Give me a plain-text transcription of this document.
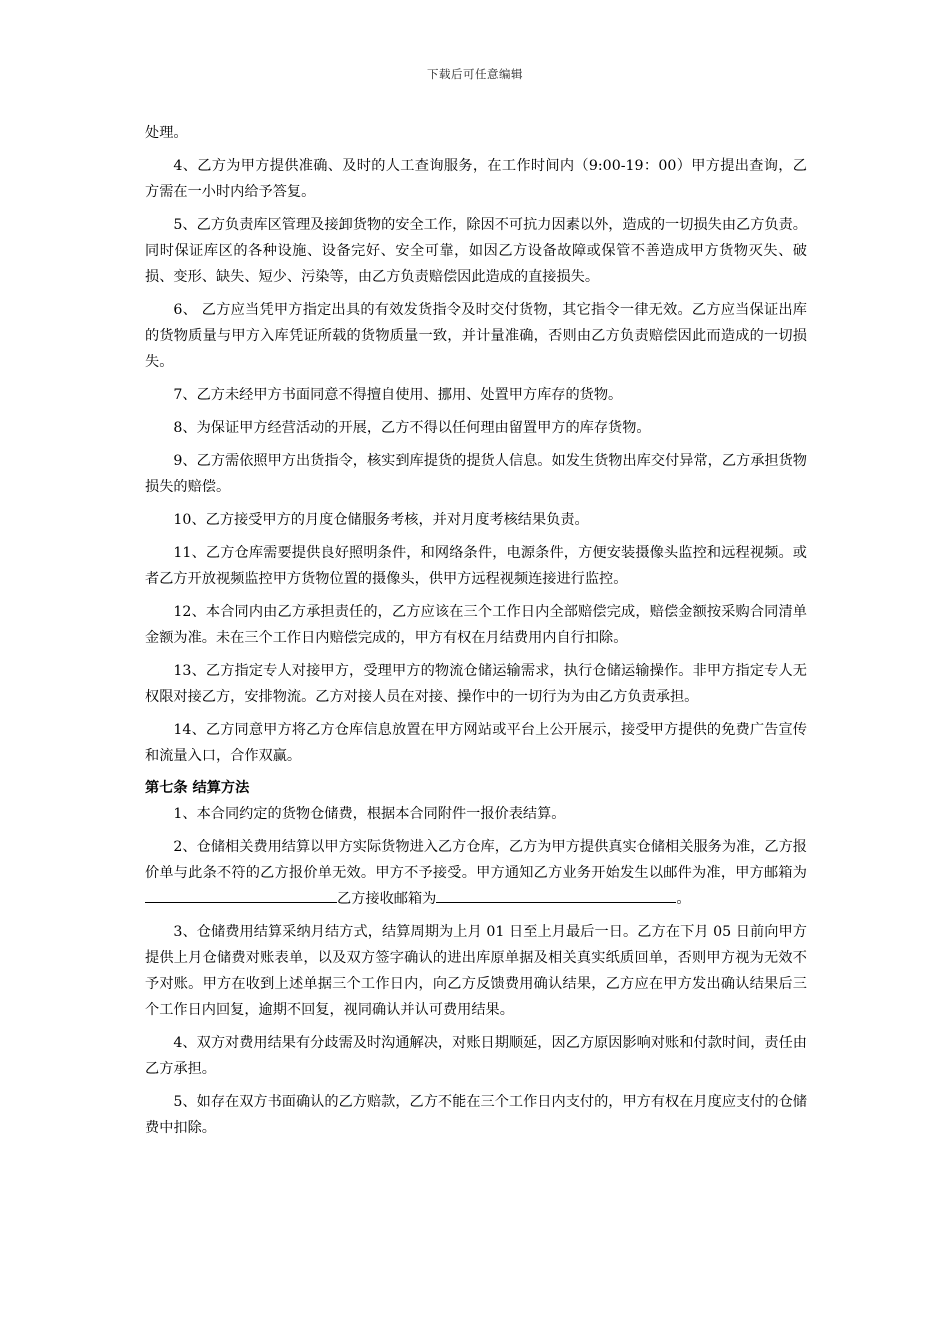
下载后可任意编辑

处理。

4、乙方为甲方提供准确、及时的人工查询服务，在工作时间内（9:00-19：00）甲方提出查询，乙方需在一小时内给予答复。

5、乙方负责库区管理及接卸货物的安全工作，除因不可抗力因素以外，造成的一切损失由乙方负责。同时保证库区的各种设施、设备完好、安全可靠，如因乙方设备故障或保管不善造成甲方货物灭失、破损、变形、缺失、短少、污染等，由乙方负责赔偿因此造成的直接损失。

6、 乙方应当凭甲方指定出具的有效发货指令及时交付货物，其它指令一律无效。乙方应当保证出库的货物质量与甲方入库凭证所载的货物质量一致，并计量准确，否则由乙方负责赔偿因此而造成的一切损失。

7、乙方未经甲方书面同意不得擅自使用、挪用、处置甲方库存的货物。

8、为保证甲方经营活动的开展，乙方不得以任何理由留置甲方的库存货物。

9、乙方需依照甲方出货指令，核实到库提货的提货人信息。如发生货物出库交付异常，乙方承担货物损失的赔偿。

10、乙方接受甲方的月度仓储服务考核，并对月度考核结果负责。

11、乙方仓库需要提供良好照明条件，和网络条件，电源条件，方便安装摄像头监控和远程视频。或者乙方开放视频监控甲方货物位置的摄像头，供甲方远程视频连接进行监控。

12、本合同内由乙方承担责任的，乙方应该在三个工作日内全部赔偿完成，赔偿金额按采购合同清单金额为准。未在三个工作日内赔偿完成的，甲方有权在月结费用内自行扣除。

13、乙方指定专人对接甲方，受理甲方的物流仓储运输需求，执行仓储运输操作。非甲方指定专人无权限对接乙方，安排物流。乙方对接人员在对接、操作中的一切行为为由乙方负责承担。

14、乙方同意甲方将乙方仓库信息放置在甲方网站或平台上公开展示，接受甲方提供的免费广告宣传和流量入口，合作双赢。

第七条 结算方法

1、本合同约定的货物仓储费，根据本合同附件一报价表结算。

2、仓储相关费用结算以甲方实际货物进入乙方仓库，乙方为甲方提供真实仓储相关服务为准，乙方报价单与此条不符的乙方报价单无效。甲方不予接受。甲方通知乙方业务开始发生以邮件为准，甲方邮箱为乙方接收邮箱为	。

3、仓储费用结算采纳月结方式，结算周期为上月 01 日至上月最后一日。乙方在下月 05 日前向甲方提供上月仓储费对账表单，以及双方签字确认的进出库原单据及相关真实纸质回单，否则甲方视为无效不予对账。甲方在收到上述单据三个工作日内，向乙方反馈费用确认结果，乙方应在甲方发出确认结果后三个工作日内回复，逾期不回复，视同确认并认可费用结果。

4、双方对费用结果有分歧需及时沟通解决，对账日期顺延，因乙方原因影响对账和付款时间，责任由乙方承担。

5、如存在双方书面确认的乙方赔款，乙方不能在三个工作日内支付的，甲方有权在月度应支付的仓储费中扣除。
